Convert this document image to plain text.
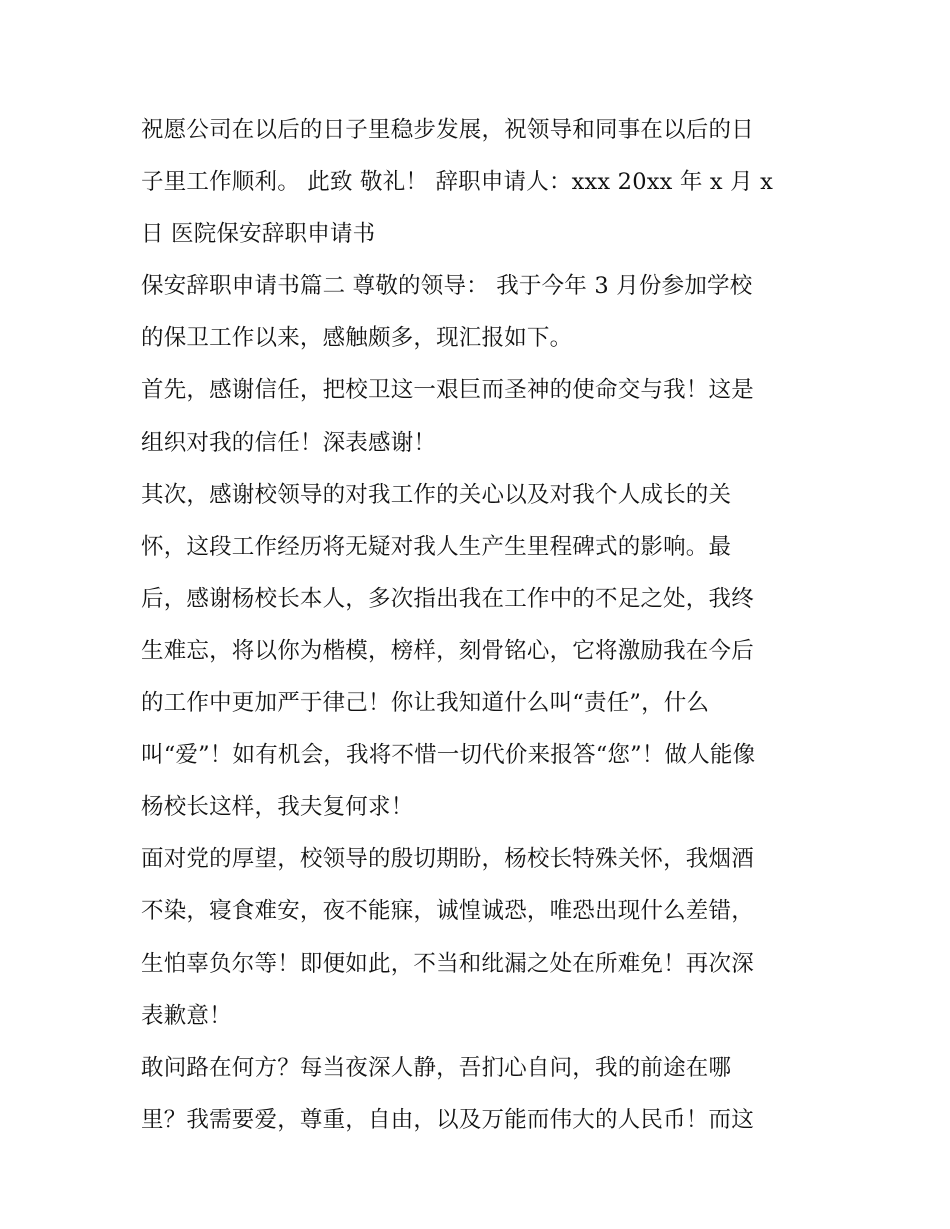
祝愿公司在以后的日子里稳步发展，祝领导和同事在以后的日
子里工作顺利。 此致 敬礼！ 辞职申请人：xxx 20xx 年 x 月 x
日 医院保安辞职申请书
保安辞职申请书篇二 尊敬的领导： 我于今年 3 月份参加学校
的保卫工作以来，感触颇多，现汇报如下。
首先，感谢信任，把校卫这一艰巨而圣神的使命交与我！这是
组织对我的信任！深表感谢！
其次，感谢校领导的对我工作的关心以及对我个人成长的关
怀，这段工作经历将无疑对我人生产生里程碑式的影响。最
后，感谢杨校长本人，多次指出我在工作中的不足之处，我终
生难忘，将以你为楷模，榜样，刻骨铭心，它将激励我在今后
的工作中更加严于律己！你让我知道什么叫“责任”，什么
叫“爱”！如有机会，我将不惜一切代价来报答“您”！做人能像
杨校长这样，我夫复何求！
面对党的厚望，校领导的殷切期盼，杨校长特殊关怀，我烟酒
不染，寝食难安，夜不能寐，诚惶诚恐，唯恐出现什么差错，
生怕辜负尔等！即便如此，不当和纰漏之处在所难免！再次深
表歉意！
敢问路在何方？每当夜深人静，吾扪心自问，我的前途在哪
里？我需要爱，尊重，自由，以及万能而伟大的人民币！而这
